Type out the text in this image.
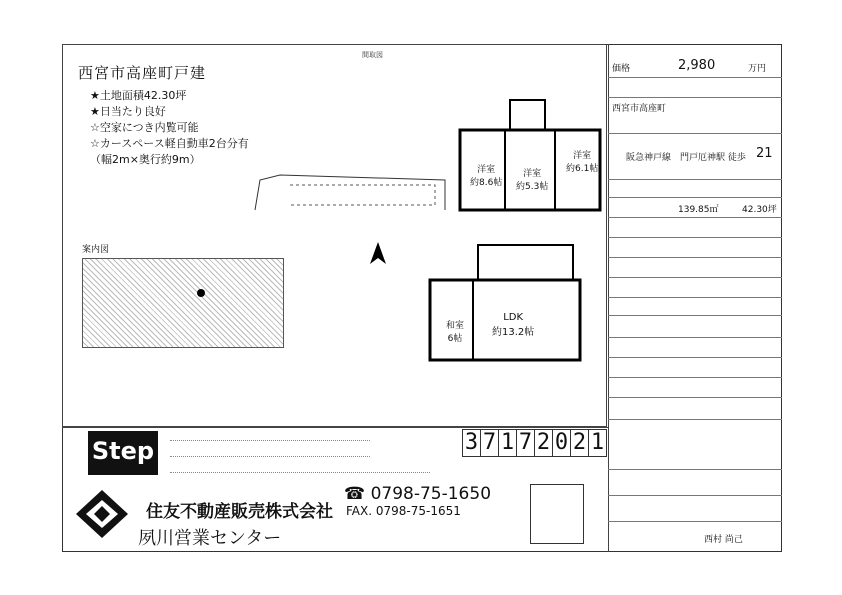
間取図
西宮市高座町戸建
★土地面積42.30坪
★日当たり良好
☆空家につき内覧可能
☆カースペース軽自動車2台分有
（幅2m×奥行約9m）
案内図
洋室
約8.6帖
洋室
約5.3帖
洋室
約6.1帖
LDK
約13.2帖
和室
6帖
価格	2,980	万円
西宮市高座町
阪急神戸線 門戸厄神駅 徒歩 21
139.85㎡	42.30坪
西村 尚己
Step	3 7 1 7 2 0 2 1
住友不動産販売株式会社
夙川営業センター
☎ 0798-75-1650
FAX. 0798-75-1651
